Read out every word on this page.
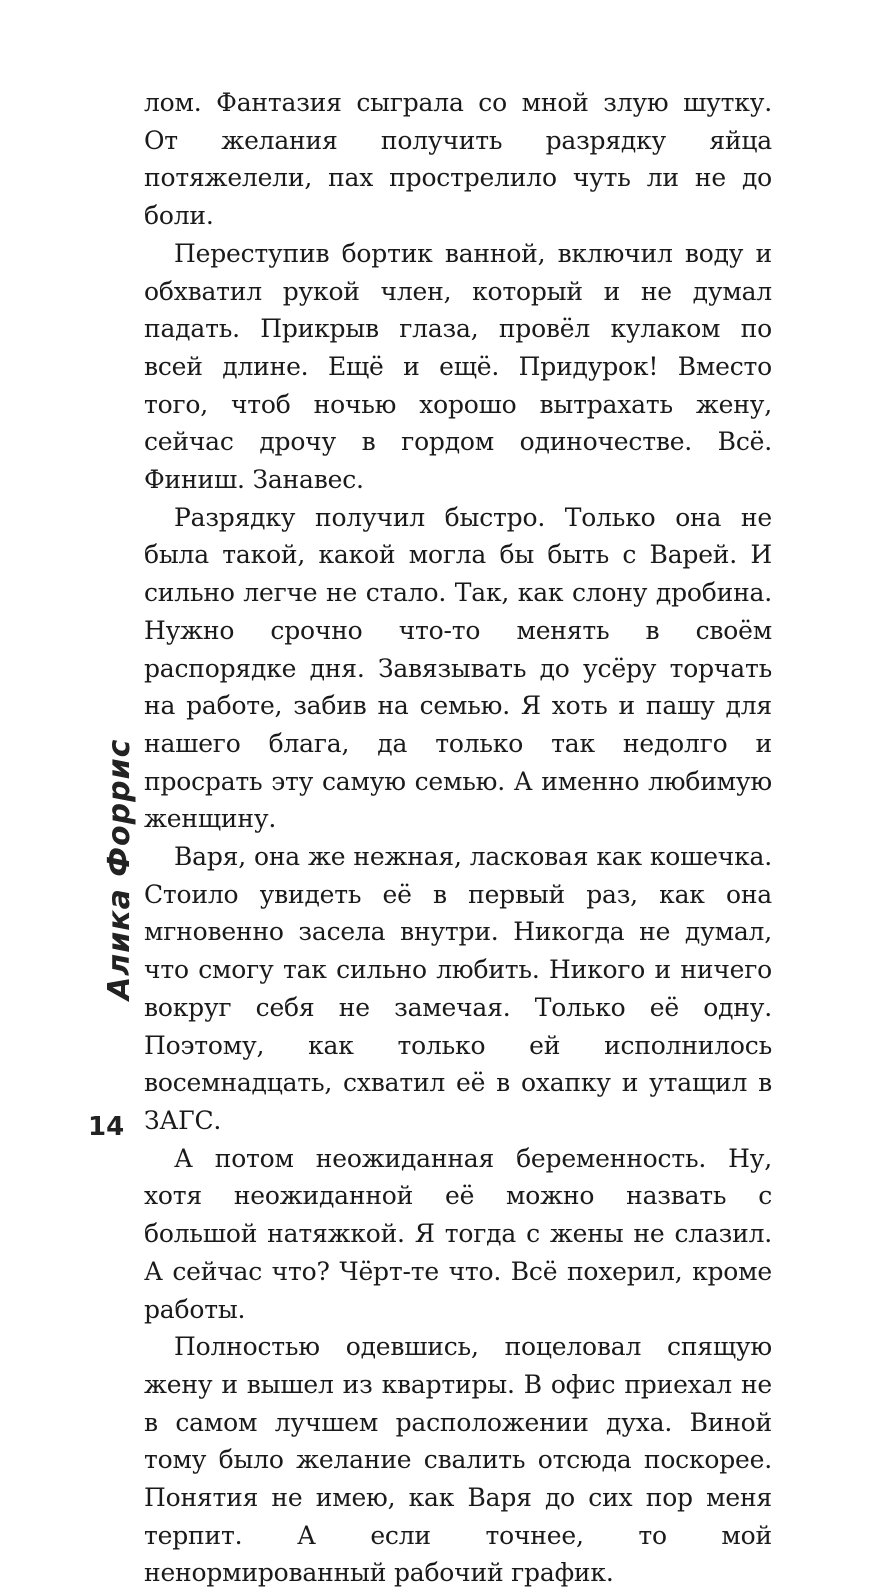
Алика Форрис
14

лом. Фантазия сыграла со мной злую шутку. От желания получить разрядку яйца потяжелели, пах прострелило чуть ли не до боли.

Переступив бортик ванной, включил воду и обхватил рукой член, который и не думал падать. Прикрыв глаза, провёл кулаком по всей длине. Ещё и ещё. Придурок! Вместо того, чтоб ночью хорошо вытрахать жену, сейчас дрочу в гордом одиночестве. Всё. Финиш. Занавес.

Разрядку получил быстро. Только она не была такой, какой могла бы быть с Варей. И сильно легче не стало. Так, как слону дробина. Нужно срочно что-то менять в своём распорядке дня. Завязывать до усёру торчать на работе, забив на семью. Я хоть и пашу для нашего блага, да только так недолго и просрать эту самую семью. А именно любимую женщину.

Варя, она же нежная, ласковая как кошечка. Стоило увидеть её в первый раз, как она мгновенно засела внутри. Никогда не думал, что смогу так сильно любить. Никого и ничего вокруг себя не замечая. Только её одну. Поэтому, как только ей исполнилось восемнадцать, схватил её в охапку и утащил в ЗАГС.

А потом неожиданная беременность. Ну, хотя неожиданной её можно назвать с большой натяжкой. Я тогда с жены не слазил. А сейчас что? Чёрт-те что. Всё похерил, кроме работы.

Полностью одевшись, поцеловал спящую жену и вышел из квартиры. В офис приехал не в самом лучшем расположении духа. Виной тому было желание свалить отсюда поскорее. Понятия не имею, как Варя до сих пор меня терпит. А если точнее, то мой ненормированный рабочий график.
